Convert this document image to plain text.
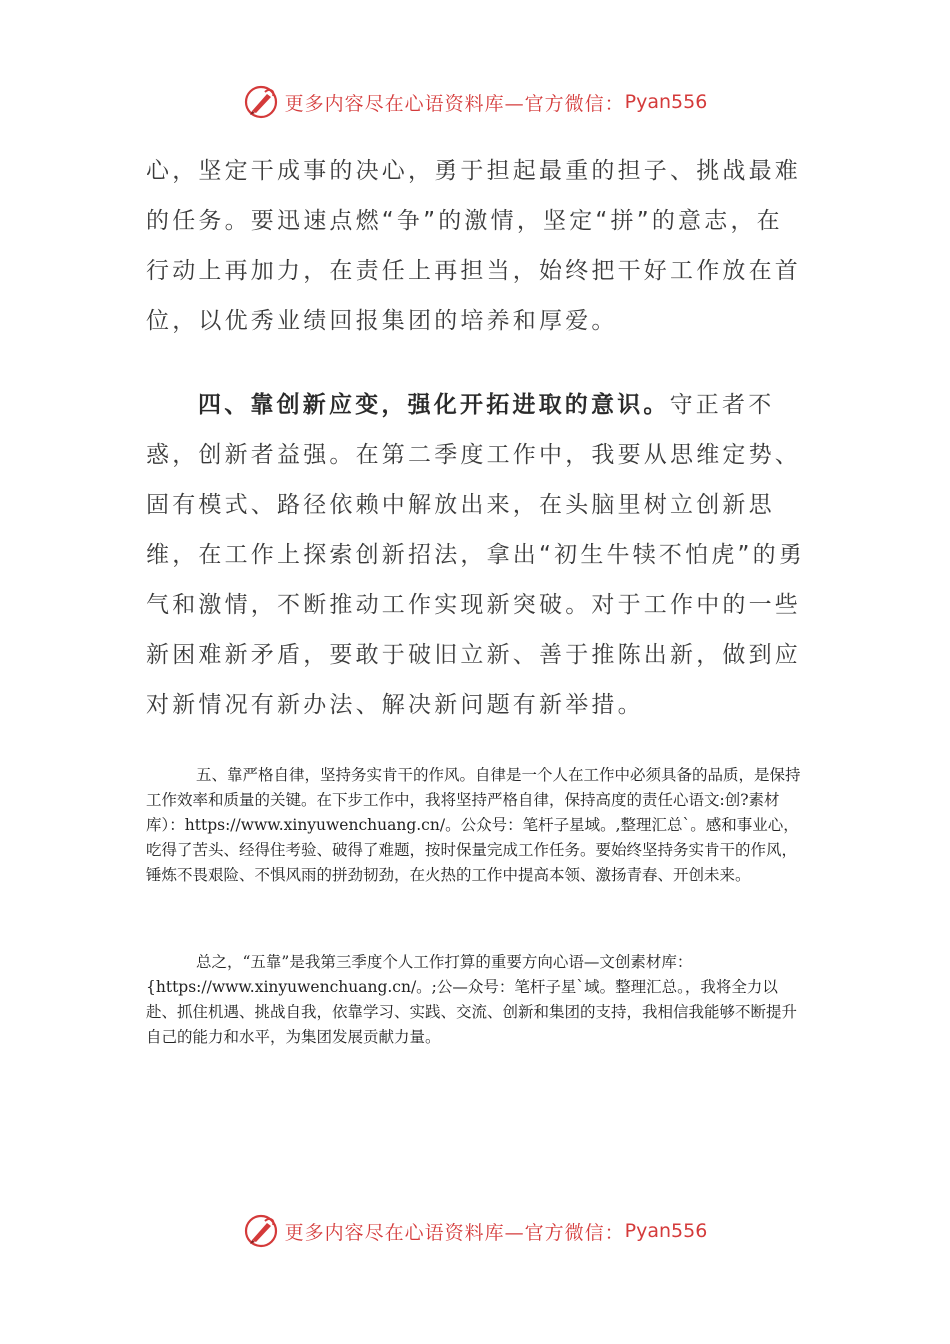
更多内容尽在心语资料库—官方微信： Pyan556

心，坚定干成事的决心，勇于担起最重的担子、挑战最难的任务。要迅速点燃“争”的激情，坚定“拼”的意志，在行动上再加力，在责任上再担当，始终把干好工作放在首位，以优秀业绩回报集团的培养和厚爱。

四、靠创新应变，强化开拓进取的意识。守正者不惑，创新者益强。在第二季度工作中，我要从思维定势、固有模式、路径依赖中解放出来，在头脑里树立创新思维，在工作上探索创新招法，拿出“初生牛犊不怕虎”的勇气和激情，不断推动工作实现新突破。对于工作中的一些新困难新矛盾，要敢于破旧立新、善于推陈出新，做到应对新情况有新办法、解决新问题有新举措。

五、靠严格自律，坚持务实肯干的作风。自律是一个人在工作中必须具备的品质，是保持工作效率和质量的关键。在下步工作中，我将坚持严格自律，保持高度的责任心语文:创?素材库）：https://www.xinyuwenchuang.cn/。公众号：笔杆子星域。,整理汇总`。感和事业心，吃得了苦头、经得住考验、破得了难题，按时保量完成工作任务。要始终坚持务实肯干的作风，锤炼不畏艰险、不惧风雨的拼劲韧劲，在火热的工作中提高本领、激扬青春、开创未来。

总之，“五靠”是我第三季度个人工作打算的重要方向心语—文创素材库：{https://www.xinyuwenchuang.cn/。;公—众号：笔杆子星`域。整理汇总。，我将全力以赴、抓住机遇、挑战自我，依靠学习、实践、交流、创新和集团的支持，我相信我能够不断提升自己的能力和水平，为集团发展贡献力量。

更多内容尽在心语资料库—官方微信： Pyan556
